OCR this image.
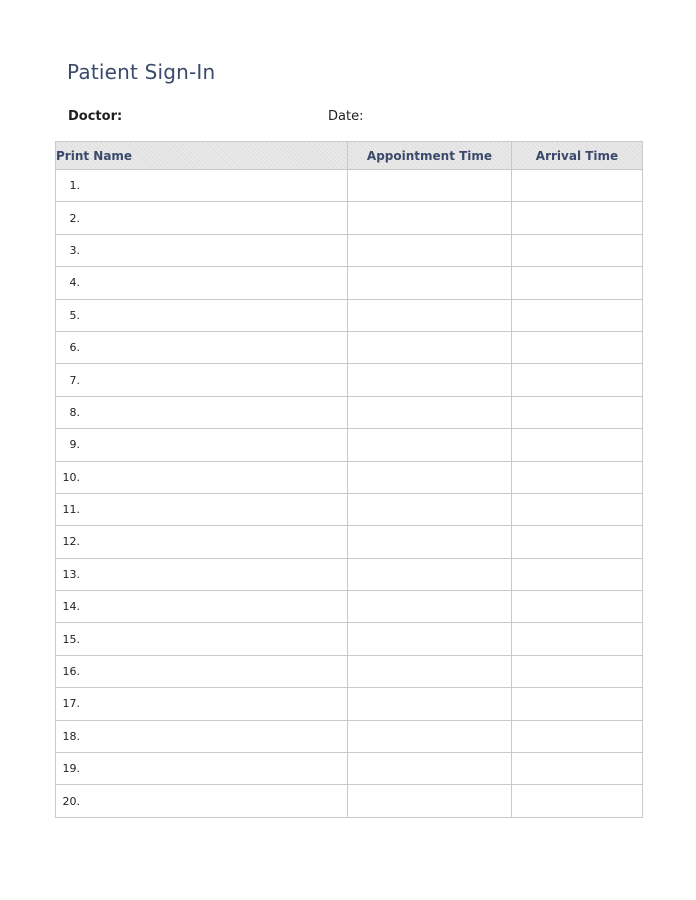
Patient Sign-In
Doctor:	Date:
Print Name	Appointment Time	Arrival Time
1.		
2.		
3.		
4.		
5.		
6.		
7.		
8.		
9.		
10.		
11.		
12.		
13.		
14.		
15.		
16.		
17.		
18.		
19.		
20.		
